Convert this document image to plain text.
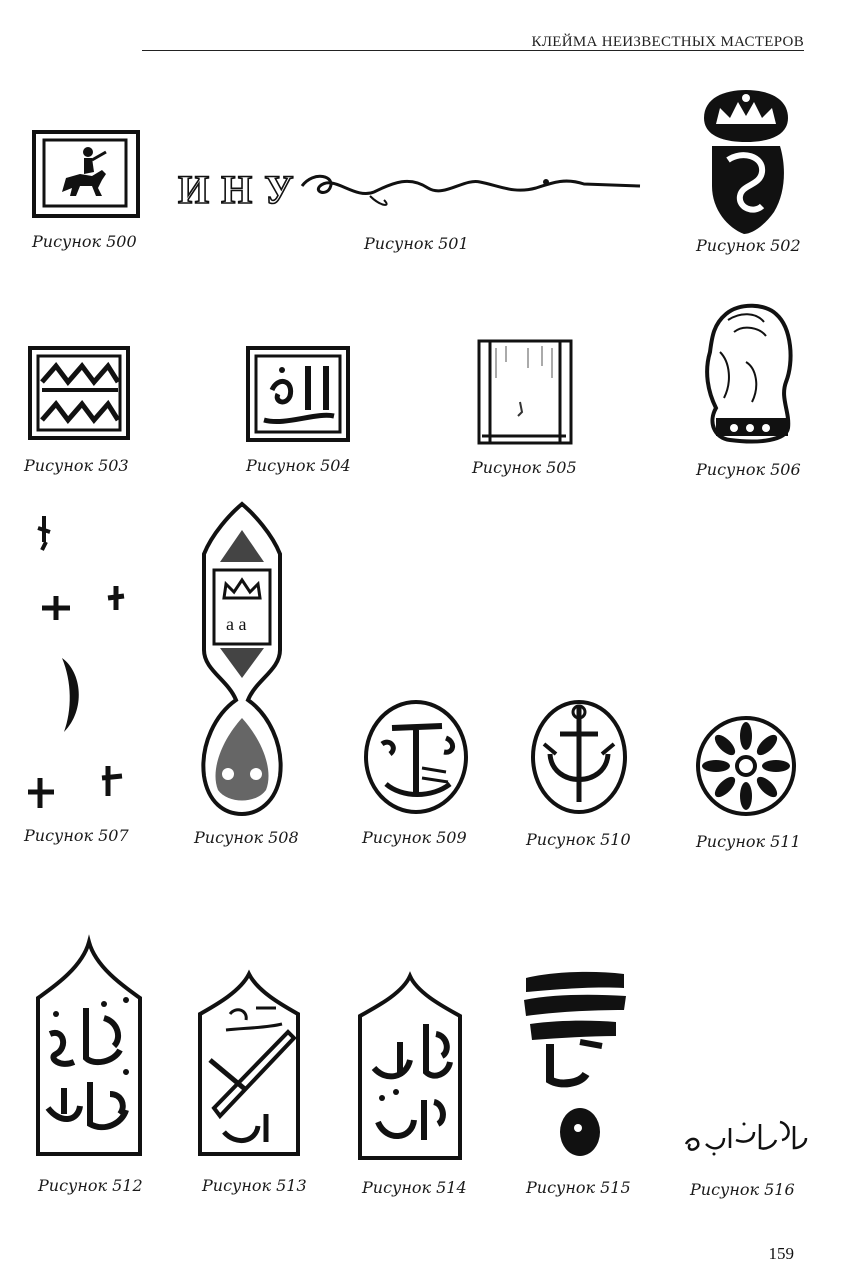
КЛЕЙМА НЕИЗВЕСТНЫХ МАСТЕРОВ
Рисунок 500
ИНУ
Рисунок 501	Рисунок 502
Рисунок 503	Рисунок 504	Рисунок 505	Рисунок 506
Рисунок 507
a a
Рисунок 508	Рисунок 509	Рисунок 510	Рисунок 511
Рисунок 512	Рисунок 513	Рисунок 514	Рисунок 515	Рисунок 516
159
